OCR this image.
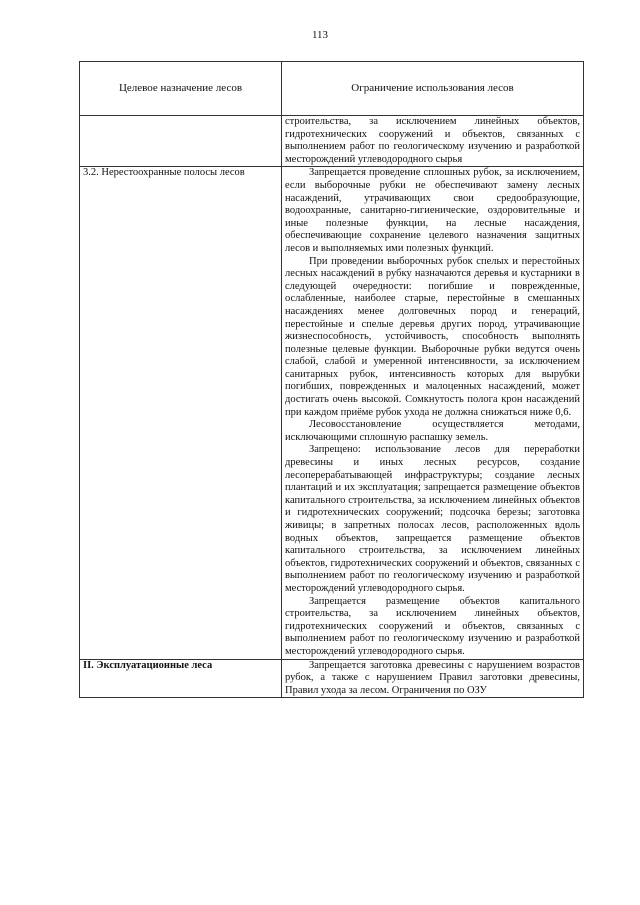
113
Целевое назначение лесов	Ограничение использования лесов

	строительства, за исключением линейных объектов, гидротехнических сооружений и объектов, связанных с выполнением работ по геологическому изучению и разработкой месторождений углеводородного сырья

3.2. Нерестоохранные полосы лесов	Запрещается проведение сплошных рубок, за исключением, если выборочные рубки не обеспечивают замену лесных насаждений, утрачивающих свои средообразующие, водоохранные, санитарно-гигиенические, оздоровительные и иные полезные функции, на лесные насаждения, обеспечивающие сохранение целевого назначения защитных лесов и выполняемых ими полезных функций.

При проведении выборочных рубок спелых и перестойных лесных насаждений в рубку назначаются деревья и кустарники в следующей очередности: погибшие и поврежденные, ослабленные, наиболее старые, перестойные в смешанных насаждениях менее долговечных пород и генераций, перестойные и спелые деревья других пород, утрачивающие жизнеспособность, устойчивость, способность выполнять полезные целевые функции. Выборочные рубки ведутся очень слабой, слабой и умеренной интенсивности, за исключением санитарных рубок, интенсивность которых для вырубки погибших, поврежденных и малоценных насаждений, может достигать очень высокой. Сомкнутость полога крон насаждений при каждом приёме рубок ухода не должна снижаться ниже 0,6.

Лесовосстановление осуществляется методами, исключающими сплошную распашку земель.

Запрещено: использование лесов для переработки древесины и иных лесных ресурсов, создание лесоперерабатывающей инфраструктуры; создание лесных плантаций и их эксплуатация; запрещается размещение объектов капитального строительства, за исключением линейных объектов и гидротехнических сооружений; подсочка березы; заготовка живицы; в запретных полосах лесов, расположенных вдоль водных объектов, запрещается размещение объектов капитального строительства, за исключением линейных объектов, гидротехнических сооружений и объектов, связанных с выполнением работ по геологическому изучению и разработкой месторождений углеводородного сырья.

Запрещается размещение объектов капитального строительства, за исключением линейных объектов, гидротехнических сооружений и объектов, связанных с выполнением работ по геологическому изучению и разработкой месторождений углеводородного сырья.

II. Эксплуатационные леса	Запрещается заготовка древесины с нарушением возрастов рубок, а также с нарушением Правил заготовки древесины, Правил ухода за лесом. Ограничения по ОЗУ
